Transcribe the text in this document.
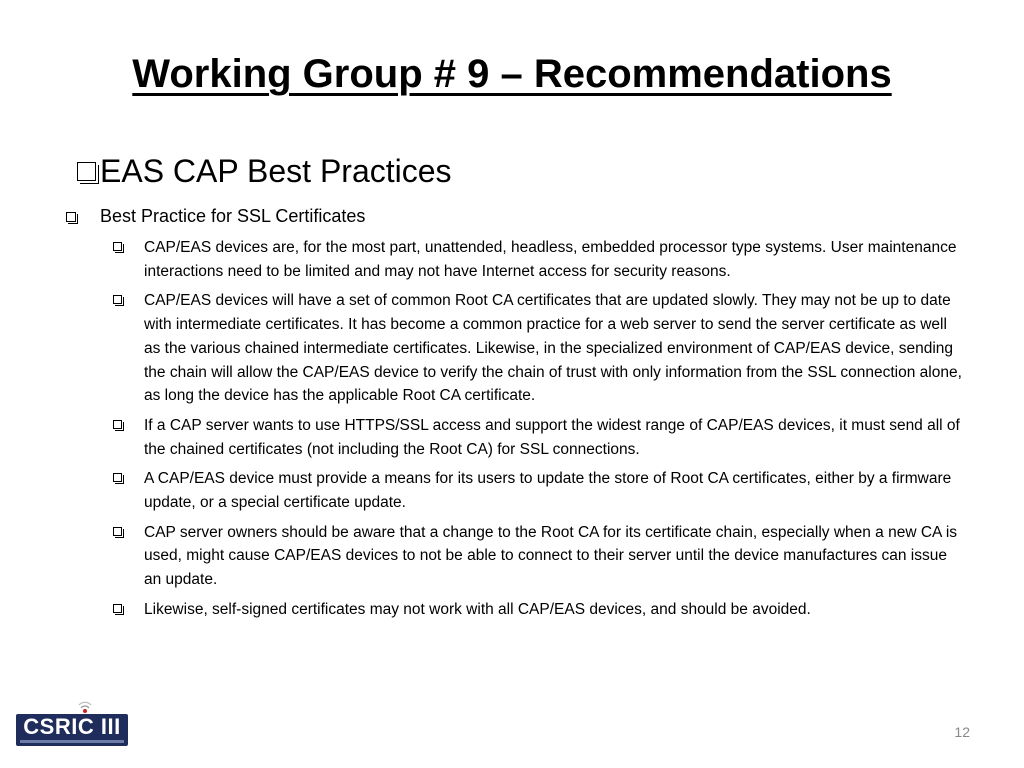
Working Group # 9 – Recommendations
EAS CAP Best Practices
Best Practice for SSL Certificates
CAP/EAS devices are, for the most part, unattended, headless, embedded processor type systems. User maintenance interactions need to be limited and may not have Internet access for security reasons.
CAP/EAS devices will have a set of common Root CA certificates that are updated slowly. They may not be up to date with intermediate certificates. It has become a common practice for a web server to send the server certificate as well as the various chained intermediate certificates. Likewise, in the specialized environment of CAP/EAS device, sending the chain will allow the CAP/EAS device to verify the chain of trust with only information from the SSL connection alone, as long the device has the applicable Root CA certificate.
If a CAP server wants to use HTTPS/SSL access and support the widest range of CAP/EAS devices, it must send all of the chained certificates (not including the Root CA) for SSL connections.
A CAP/EAS device must provide a means for its users to update the store of Root CA certificates, either by a firmware update, or a special certificate update.
CAP server owners should be aware that a change to the Root CA for its certificate chain, especially when a new CA is used, might cause CAP/EAS devices to not be able to connect to their server until the device manufactures can issue an update.
Likewise, self-signed certificates may not work with all CAP/EAS devices, and should be avoided.
CSRIC III	12
